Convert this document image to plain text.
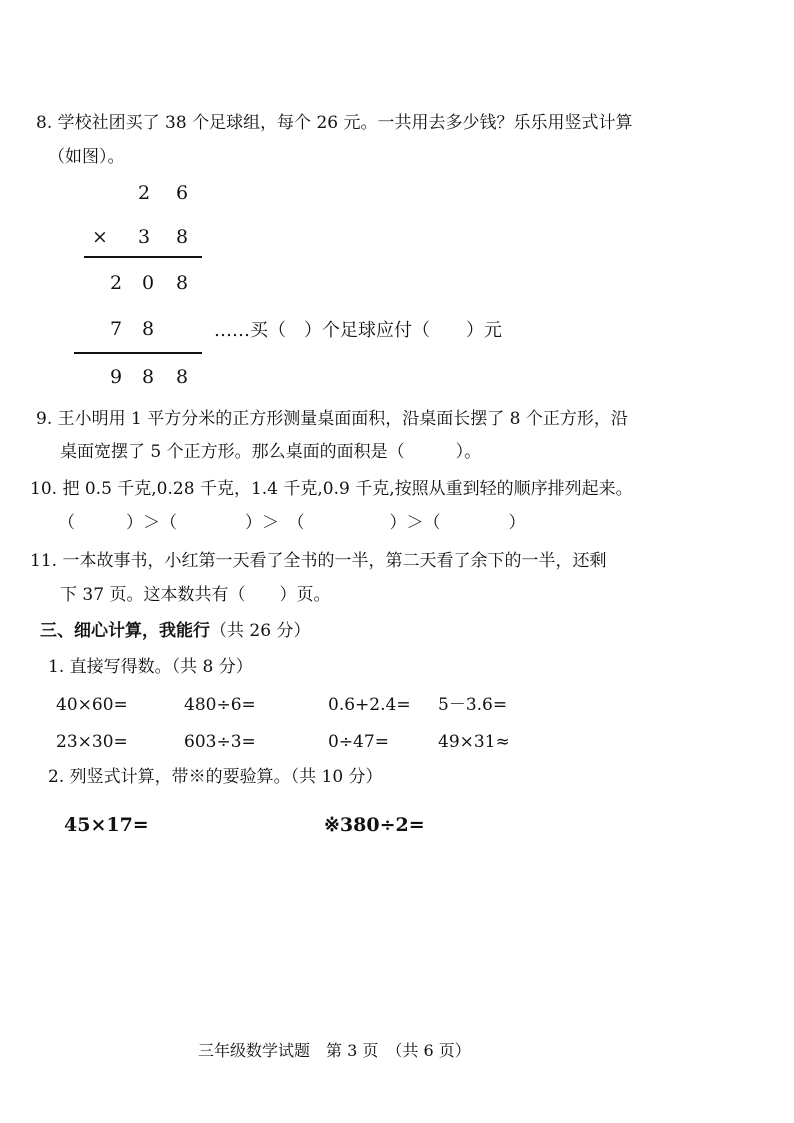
8. 学校社团买了 38 个足球组，每个 26 元。一共用去多少钱？乐乐用竖式计算
（如图）。
2 6
× 3 8
2 0 8
7 8
9 8 8
……买（　）个足球应付（　　）元
9. 王小明用 1 平方分米的正方形测量桌面面积，沿桌面长摆了 8 个正方形，沿
桌面宽摆了 5 个正方形。那么桌面的面积是（　　　）。
10. 把 0.5 千克,0.28 千克，1.4 千克,0.9 千克,按照从重到轻的顺序排列起来。
（　　　）＞（　　　　）＞　（　　　　　）＞（　　　　）
11. 一本故事书，小红第一天看了全书的一半，第二天看了余下的一半，还剩
下 37 页。这本数共有（　　）页。
三、细心计算，我能行（共 26 分）
1. 直接写得数。（共 8 分）
40×60=	480÷6=	0.6+2.4= 5－3.6=
23×30=	603÷3=	0÷47=	49×31≈
2. 列竖式计算，带※的要验算。（共 10 分）
45×17=	※380÷2=
三年级数学试题　第 3 页　（共 6 页）
